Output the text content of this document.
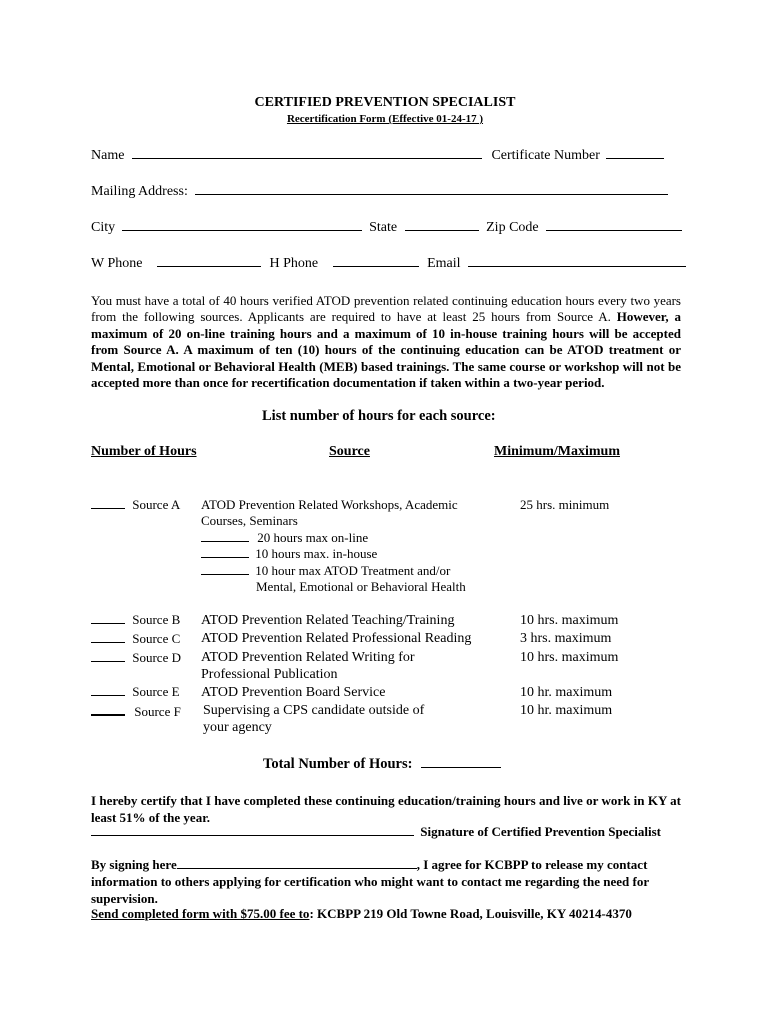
CERTIFIED PREVENTION SPECIALIST
Recertification Form (Effective 01-24-17 )
Name	Certificate Number
Mailing Address:
City	State	Zip Code
W Phone	H Phone	Email

You must have a total of 40 hours verified ATOD prevention related continuing education hours every two years from the following sources. Applicants are required to have at least 25 hours from Source A. However, a maximum of 20 on-line training hours and a maximum of 10 in-house training hours will be accepted from Source A. A maximum of ten (10) hours of the continuing education can be ATOD treatment or Mental, Emotional or Behavioral Health (MEB) based trainings. The same course or workshop will not be accepted more than once for recertification documentation if taken within a two-year period.

List number of hours for each source:
Number of Hours	Source	Minimum/Maximum
Source A ATOD Prevention Related Workshops, Academic
Courses, Seminars
20 hours max on-line
10 hours max. in-house
10 hour max ATOD Treatment and/or
Mental, Emotional or Behavioral Health
25 hrs. minimum
Source B ATOD Prevention Related Teaching/Training	10 hrs. maximum
Source C ATOD Prevention Related Professional Reading	3 hrs. maximum
Source D ATOD Prevention Related Writing for
Professional Publication
10 hrs. maximum
Source E ATOD Prevention Board Service	10 hr. maximum
Source F Supervising a CPS candidate outside of
your agency
10 hr. maximum
Total Number of Hours:

I hereby certify that I have completed these continuing education/training hours and live or work in KY at least 51% of the year.

Signature of Certified Prevention Specialist

By signing here	, I agree for KCBPP to release my contact information to others applying for certification who might want to contact me regarding the need for supervision.

Send completed form with $75.00 fee to: KCBPP 219 Old Towne Road, Louisville, KY 40214-4370
